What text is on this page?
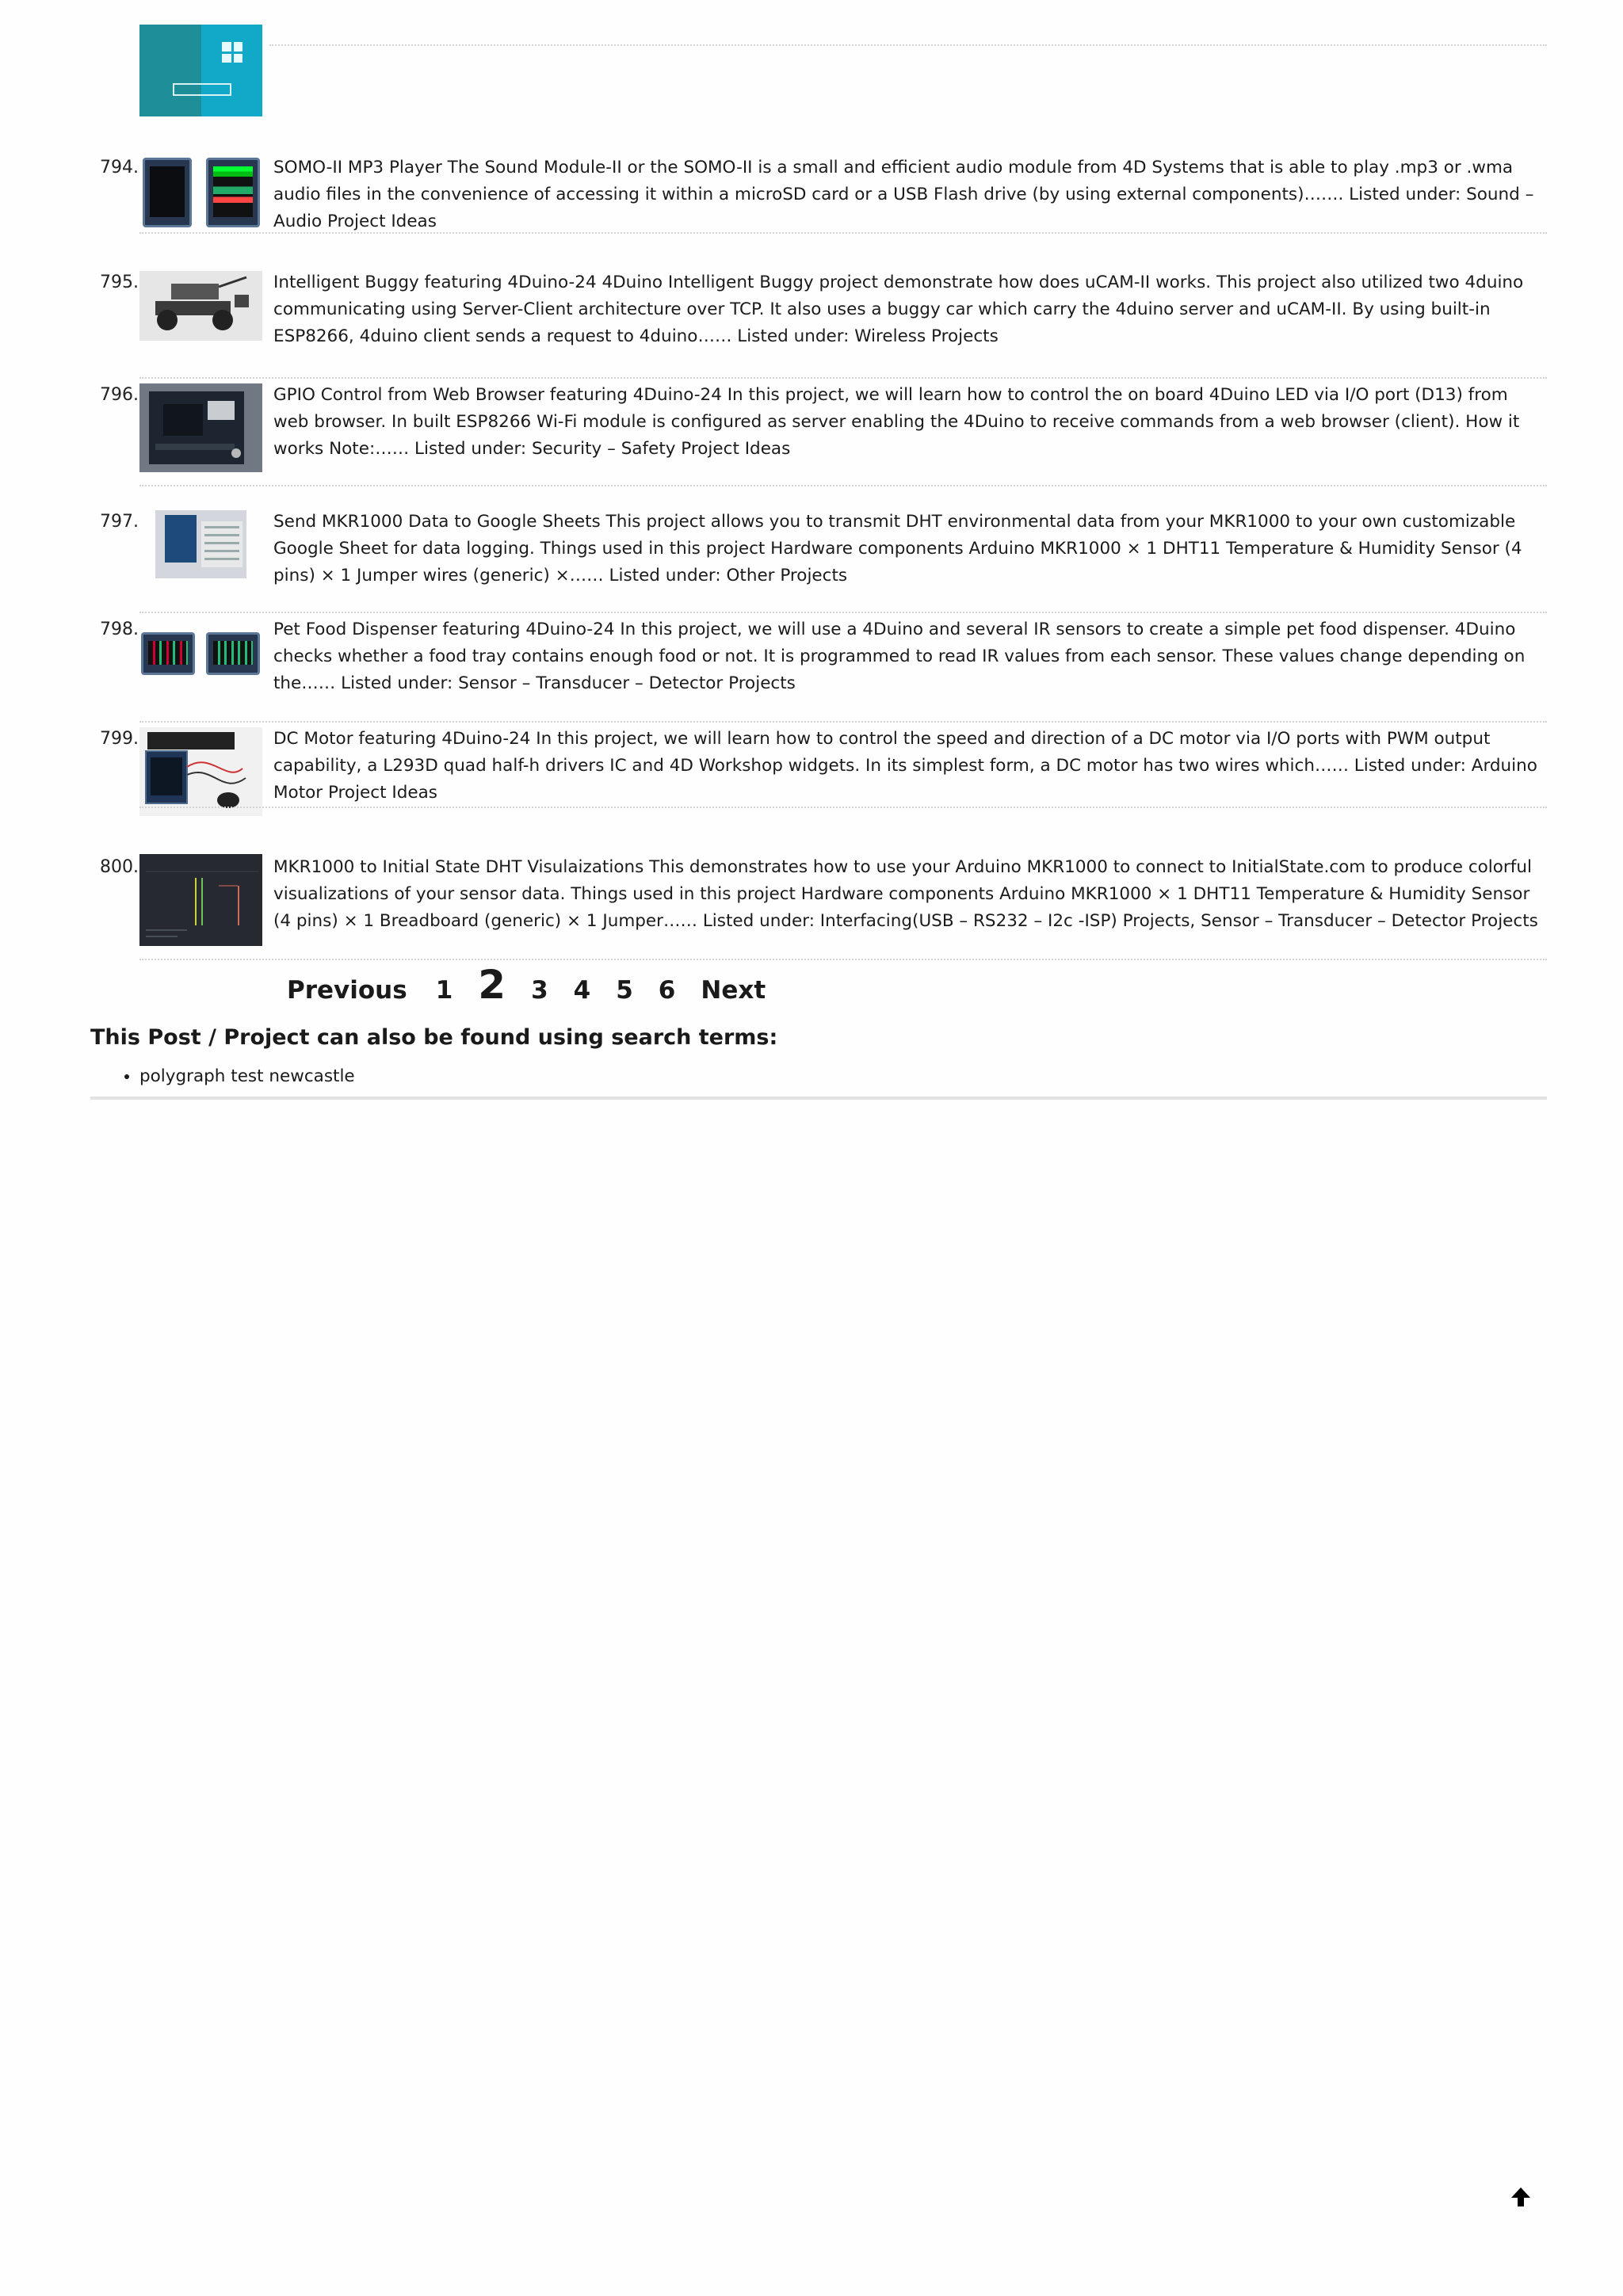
794.	SOMO-II MP3 Player The Sound Module-II or the SOMO-II is a small and efficient audio module from 4D Systems that is able to play .mp3 or .wma audio files in the convenience of accessing it within a microSD card or a USB Flash drive (by using external components)……. Listed under: Sound – Audio Project Ideas
795.	Intelligent Buggy featuring 4Duino-24 4Duino Intelligent Buggy project demonstrate how does uCAM-II works. This project also utilized two 4duino communicating using Server-Client architecture over TCP. It also uses a buggy car which carry the 4duino server and uCAM-II. By using built-in ESP8266, 4duino client sends a request to 4duino…… Listed under: Wireless Projects
796.	GPIO Control from Web Browser featuring 4Duino-24 In this project, we will learn how to control the on board 4Duino LED via I/O port (D13) from web browser. In built ESP8266 Wi-Fi module is configured as server enabling the 4Duino to receive commands from a web browser (client). How it works Note:…… Listed under: Security – Safety Project Ideas
797.	Send MKR1000 Data to Google Sheets This project allows you to transmit DHT environmental data from your MKR1000 to your own customizable Google Sheet for data logging. Things used in this project Hardware components Arduino MKR1000 × 1 DHT11 Temperature & Humidity Sensor (4 pins) × 1 Jumper wires (generic) ×…… Listed under: Other Projects
798.	Pet Food Dispenser featuring 4Duino-24 In this project, we will use a 4Duino and several IR sensors to create a simple pet food dispenser. 4Duino checks whether a food tray contains enough food or not. It is programmed to read IR values from each sensor. These values change depending on the…… Listed under: Sensor – Transducer – Detector Projects
799.	DC Motor featuring 4Duino-24 In this project, we will learn how to control the speed and direction of a DC motor via I/O ports with PWM output capability, a L293D quad half-h drivers IC and 4D Workshop widgets. In its simplest form, a DC motor has two wires which…… Listed under: Arduino Motor Project Ideas
800.	MKR1000 to Initial State DHT Visulaizations This demonstrates how to use your Arduino MKR1000 to connect to InitialState.com to produce colorful visualizations of your sensor data. Things used in this project Hardware components Arduino MKR1000 × 1 DHT11 Temperature & Humidity Sensor (4 pins) × 1 Breadboard (generic) × 1 Jumper…… Listed under: Interfacing(USB – RS232 – I2c -ISP) Projects, Sensor – Transducer – Detector Projects
Previous 1 2 3 4 5 6 Next
This Post / Project can also be found using search terms:
• polygraph test newcastle
